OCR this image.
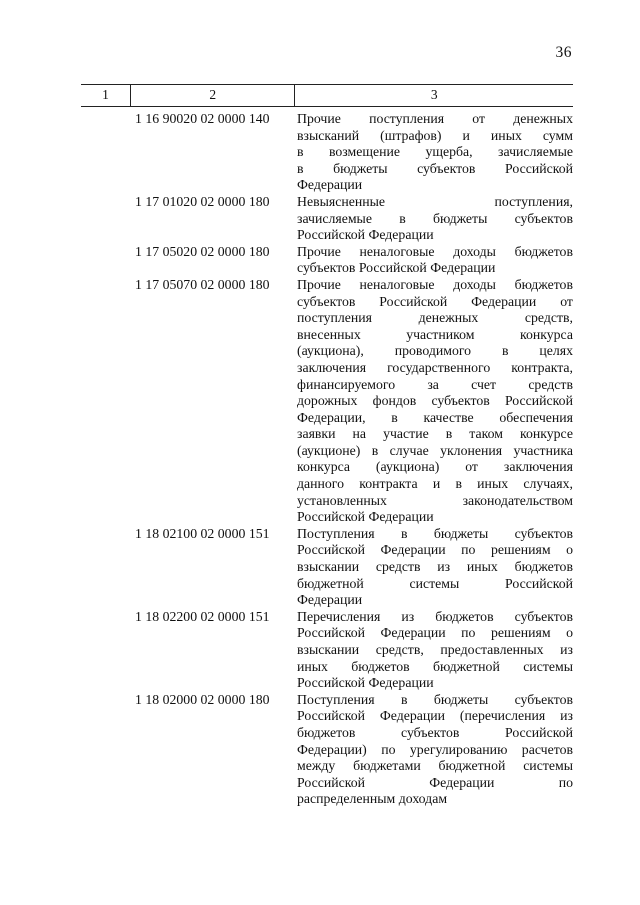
36
1	2	3
1 16 90020 02 0000 140	Прочие поступления от денежных
взысканий (штрафов) и иных сумм
в возмещение ущерба, зачисляемые
в бюджеты субъектов Российской
Федерации
1 17 01020 02 0000 180	Невыясненные	поступления,
зачисляемые в бюджеты субъектов
Российской Федерации
1 17 05020 02 0000 180	Прочие неналоговые доходы бюджетов
субъектов Российской Федерации
1 17 05070 02 0000 180	Прочие неналоговые доходы бюджетов
субъектов Российской Федерации от
поступления	денежных	средств,
внесенных	участником	конкурса
(аукциона), проводимого в целях
заключения государственного контракта,
финансируемого за счет средств
дорожных фондов субъектов Российской
Федерации, в качестве обеспечения
заявки на участие в таком конкурсе
(аукционе) в случае уклонения участника
конкурса (аукциона) от заключения
данного контракта и в иных случаях,
установленных	законодательством
Российской Федерации
1 18 02100 02 0000 151	Поступления в бюджеты субъектов
Российской Федерации по решениям о
взыскании средств из иных бюджетов
бюджетной	системы	Российской
Федерации
1 18 02200 02 0000 151	Перечисления из бюджетов субъектов
Российской Федерации по решениям о
взыскании средств, предоставленных из
иных бюджетов бюджетной системы
Российской Федерации
1 18 02000 02 0000 180	Поступления в бюджеты субъектов
Российской Федерации (перечисления из
бюджетов	субъектов	Российской
Федерации) по урегулированию расчетов
между бюджетами бюджетной системы
Российской	Федерации	по
распределенным доходам
